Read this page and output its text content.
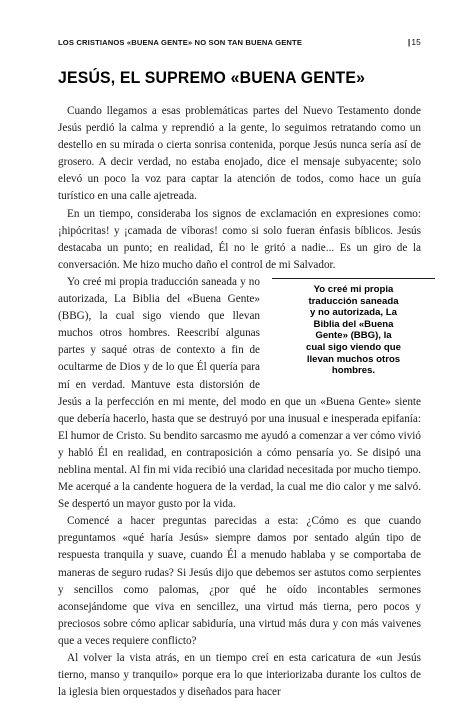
LOS CRISTIANOS «BUENA GENTE» NO SON TAN BUENA GENTE	|15
JESÚS, EL SUPREMO «BUENA GENTE»

Cuando llegamos a esas problemáticas partes del Nuevo Testamento donde Jesús perdió la calma y reprendió a la gente, lo seguimos retratando como un destello en su mirada o cierta sonrisa contenida, porque Jesús nunca sería así de grosero. A decir verdad, no estaba enojado, dice el mensaje subyacente; solo elevó un poco la voz para captar la atención de todos, como hace un guía turístico en una calle ajetreada.

En un tiempo, consideraba los signos de exclamación en expresiones como: ¡hipócritas! y ¡camada de víboras! como si solo fueran énfasis bíblicos. Jesús destacaba un punto; en realidad, Él no le gritó a nadie... Es un giro de la conversación. Me hizo mucho daño el control de mi Salvador.

Yo creé mi propia
traducción saneada
y no autorizada, La
Biblia del «Buena
Gente» (BBG), la
cual sigo viendo que
llevan muchos otros
hombres.

Yo creé mi propia traducción saneada y no autorizada, La Biblia del «Buena Gente» (BBG), la cual sigo viendo que llevan muchos otros hombres. Reescribí algunas partes y saqué otras de contexto a fin de ocultarme de Dios y de lo que Él quería para mí en verdad. Mantuve esta distorsión de Jesús a la perfección en mi mente, del modo en que un «Buena Gente» siente que debería hacerlo, hasta que se destruyó por una inusual e inesperada epifanía: El humor de Cristo. Su bendito sarcasmo me ayudó a comenzar a ver cómo vivió y habló Él en realidad, en contraposición a cómo pensaría yo. Se disipó una neblina mental. Al fin mi vida recibió una claridad necesitada por mucho tiempo. Me acerqué a la candente hoguera de la verdad, la cual me dio calor y me salvó. Se despertó un mayor gusto por la vida.

Comencé a hacer preguntas parecidas a esta: ¿Cómo es que cuando preguntamos «qué haría Jesús» siempre damos por sentado algún tipo de respuesta tranquila y suave, cuando Él a menudo hablaba y se comportaba de maneras de seguro rudas? Si Jesús dijo que debemos ser astutos como serpientes y sencillos como palomas, ¿por qué he oído incontables sermones aconsejándome que viva en sencillez, una virtud más tierna, pero pocos y preciosos sobre cómo aplicar sabiduría, una virtud más dura y con más vaivenes que a veces requiere conflicto?

Al volver la vista atrás, en un tiempo creí en esta caricatura de «un Jesús tierno, manso y tranquilo» porque era lo que interiorizaba durante los cultos de la iglesia bien orquestados y diseñados para hacer
